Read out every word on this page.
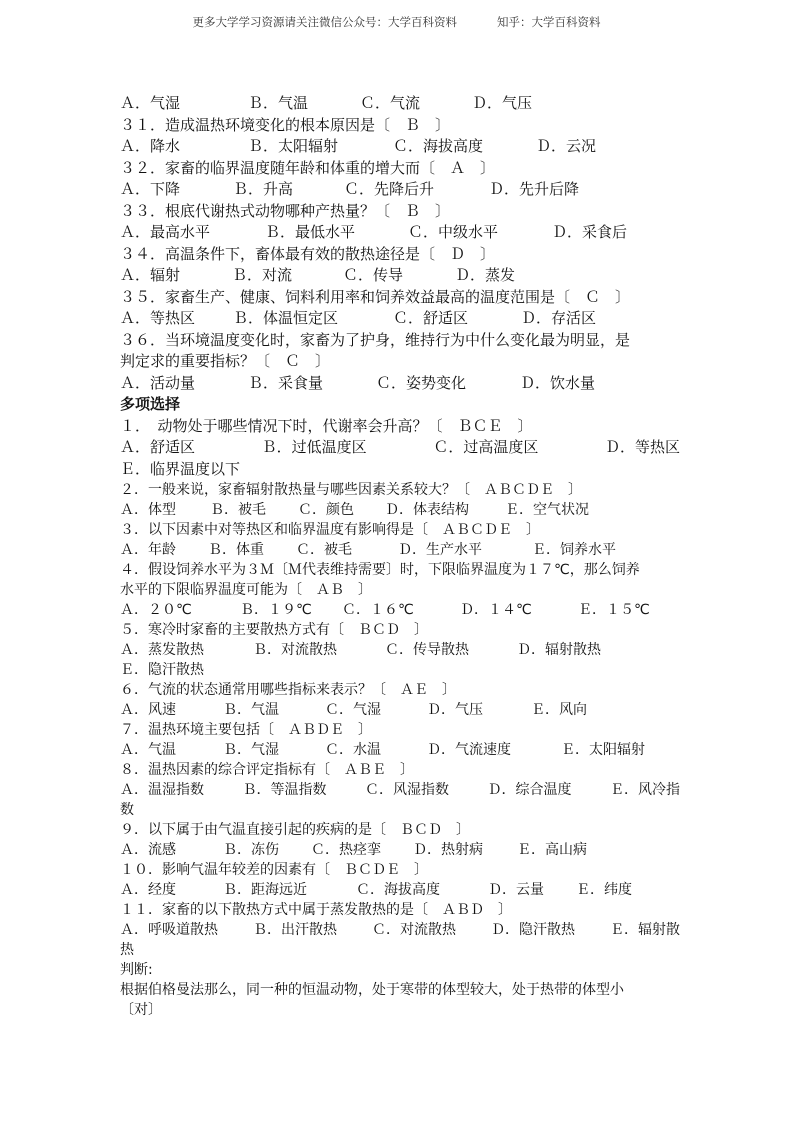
更多大学学习资源请关注微信公众号：大学百科资料	知乎：大学百科资料
Ａ．气湿	Ｂ．气温	Ｃ．气流	Ｄ．气压
３１．造成温热环境变化的根本原因是〔　Ｂ　〕
Ａ．降水	Ｂ．太阳辐射	Ｃ．海拔高度	Ｄ．云况
３２．家畜的临界温度随年龄和体重的增大而〔　Ａ　〕
Ａ．下降	Ｂ．升高	Ｃ．先降后升	Ｄ．先升后降
３３．根底代谢热式动物哪种产热量？〔　Ｂ　〕
Ａ．最高水平	Ｂ．最低水平	Ｃ．中级水平	Ｄ．采食后
３４．高温条件下，畜体最有效的散热途径是〔　Ｄ　〕
Ａ．辐射	Ｂ．对流	Ｃ．传导	Ｄ．蒸发
３５．家畜生产、健康、饲料利用率和饲养效益最高的温度范围是〔　Ｃ　〕
Ａ．等热区	Ｂ．体温恒定区	Ｃ．舒适区	Ｄ．存活区
３６．当环境温度变化时，家畜为了护身，维持行为中什么变化最为明显，是
判定求的重要指标？〔　Ｃ　〕
Ａ．活动量	Ｂ．采食量	Ｃ．姿势变化	Ｄ．饮水量
多项选择
１．　动物处于哪些情况下时，代谢率会升高？〔　ＢＣＥ　〕
Ａ．舒适区	Ｂ．过低温度区	Ｃ．过高温度区	Ｄ．等热区
Ｅ．临界温度以下
２．一般来说，家畜辐射散热量与哪些因素关系较大？〔　ＡＢＣＤＥ　〕
Ａ．体型	Ｂ．被毛	Ｃ．颜色	Ｄ．体表结构	Ｅ．空气状况
３．以下因素中对等热区和临界温度有影响得是〔　ＡＢＣＤＥ　〕
Ａ．年龄	Ｂ．体重	Ｃ．被毛	Ｄ．生产水平	Ｅ．饲养水平
４．假设饲养水平为３Ｍ〔Ｍ代表维持需要〕时，下限临界温度为１７℃，那么饲养
水平的下限临界温度可能为〔　ＡＢ　〕
Ａ．２０℃	Ｂ．１９℃	Ｃ．１６℃	Ｄ．１４℃	Ｅ．１５℃
５．寒冷时家畜的主要散热方式有〔　ＢＣＤ　〕
Ａ．蒸发散热	Ｂ．对流散热	Ｃ．传导散热	Ｄ．辐射散热
Ｅ．隐汗散热
６．气流的状态通常用哪些指标来表示？〔　ＡＥ　〕
Ａ．风速	Ｂ．气温	Ｃ．气湿	Ｄ．气压	Ｅ．风向
７．温热环境主要包括〔　ＡＢＤＥ　〕
Ａ．气温	Ｂ．气湿	Ｃ．水温	Ｄ．气流速度	Ｅ．太阳辐射
８．温热因素的综合评定指标有〔　ＡＢＥ　〕
Ａ．温湿指数	Ｂ．等温指数	Ｃ．风湿指数	Ｄ．综合温度	Ｅ．风冷指
数
９．以下属于由气温直接引起的疾病的是〔　ＢＣＤ　〕
Ａ．流感	Ｂ．冻伤	Ｃ．热痉挛	Ｄ．热射病	Ｅ．高山病
１０．影响气温年较差的因素有〔　ＢＣＤＥ　〕
Ａ．经度	Ｂ．距海远近	Ｃ．海拔高度	Ｄ．云量	Ｅ．纬度
１１．家畜的以下散热方式中属于蒸发散热的是〔　ＡＢＤ　〕
Ａ．呼吸道散热	Ｂ．出汗散热	Ｃ．对流散热	Ｄ．隐汗散热	Ｅ．辐射散
热
判断:
根据伯格曼法那么，同一种的恒温动物，处于寒带的体型较大，处于热带的体型小
〔对〕
